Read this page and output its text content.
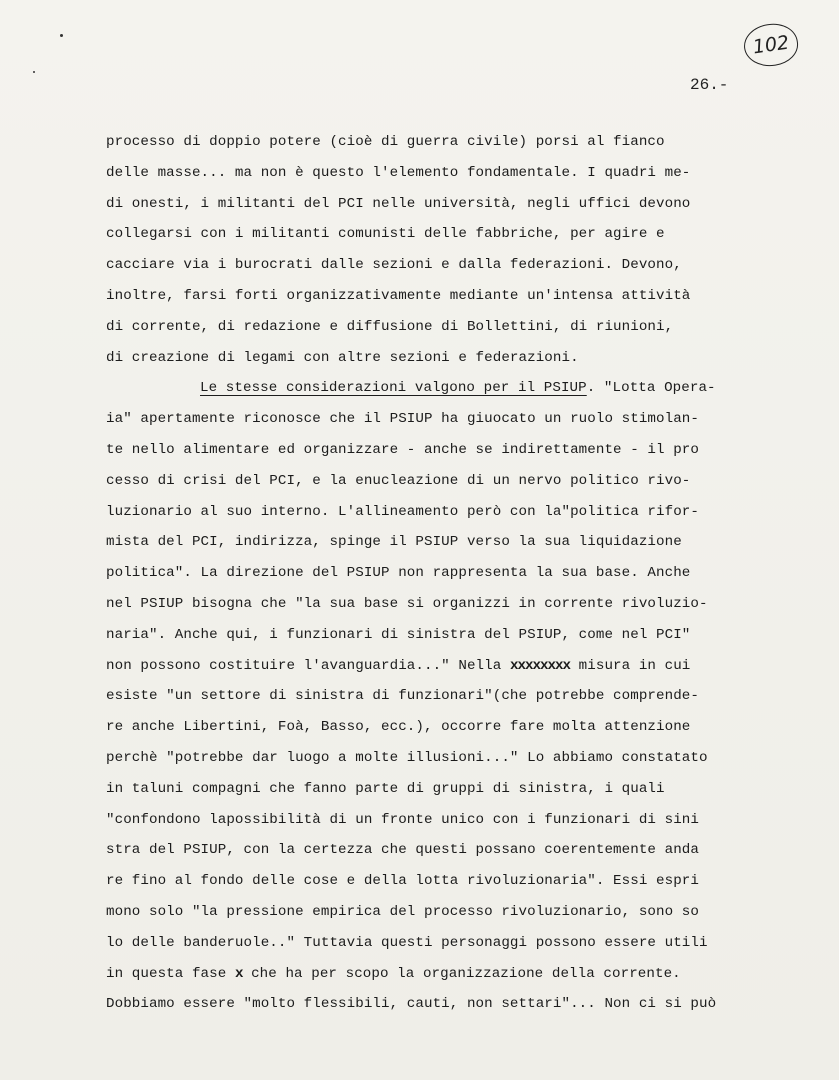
102
26.-
processo di doppio potere (cioè di guerra civile) porsi al fianco
delle masse... ma non è questo l'elemento fondamentale. I quadri me-
di onesti, i militanti del PCI nelle università, negli uffici devono
collegarsi con i militanti comunisti delle fabbriche, per agire e
cacciare via i burocrati dalle sezioni e dalla federazioni. Devono,
inoltre, farsi forti organizzativamente mediante un'intensa attività
di corrente, di redazione e diffusione di Bollettini, di riunioni,
di creazione di legami con altre sezioni e federazioni.
Le stesse considerazioni valgono per il PSIUP. "Lotta Opera-
ia" apertamente riconosce che il PSIUP ha giuocato un ruolo stimolan-
te nello alimentare ed organizzare - anche se indirettamente - il pro
cesso di crisi del PCI, e la enucleazione di un nervo politico rivo-
luzionario al suo interno. L'allineamento però con la"politica rifor-
mista del PCI, indirizza, spinge il PSIUP verso la sua liquidazione
politica". La direzione del PSIUP non rappresenta la sua base. Anche
nel PSIUP bisogna che "la sua base si organizzi in corrente rivoluzio-
naria". Anche qui, i funzionari di sinistra del PSIUP, come nel PCI"
non possono costituire l'avanguardia..." Nella xxxxxxxx misura in cui
esiste "un settore di sinistra di funzionari"(che potrebbe comprende-
re anche Libertini, Foà, Basso, ecc.), occorre fare molta attenzione
perchè "potrebbe dar luogo a molte illusioni..." Lo abbiamo constatato
in taluni compagni che fanno parte di gruppi di sinistra, i quali
"confondono lapossibilità di un fronte unico con i funzionari di sini
stra del PSIUP, con la certezza che questi possano coerentemente anda
re fino al fondo delle cose e della lotta rivoluzionaria". Essi espri
mono solo "la pressione empirica del processo rivoluzionario, sono so
lo delle banderuole.." Tuttavia questi personaggi possono essere utili
in questa fase x che ha per scopo la organizzazione della corrente.
Dobbiamo essere "molto flessibili, cauti, non settari"... Non ci si può
